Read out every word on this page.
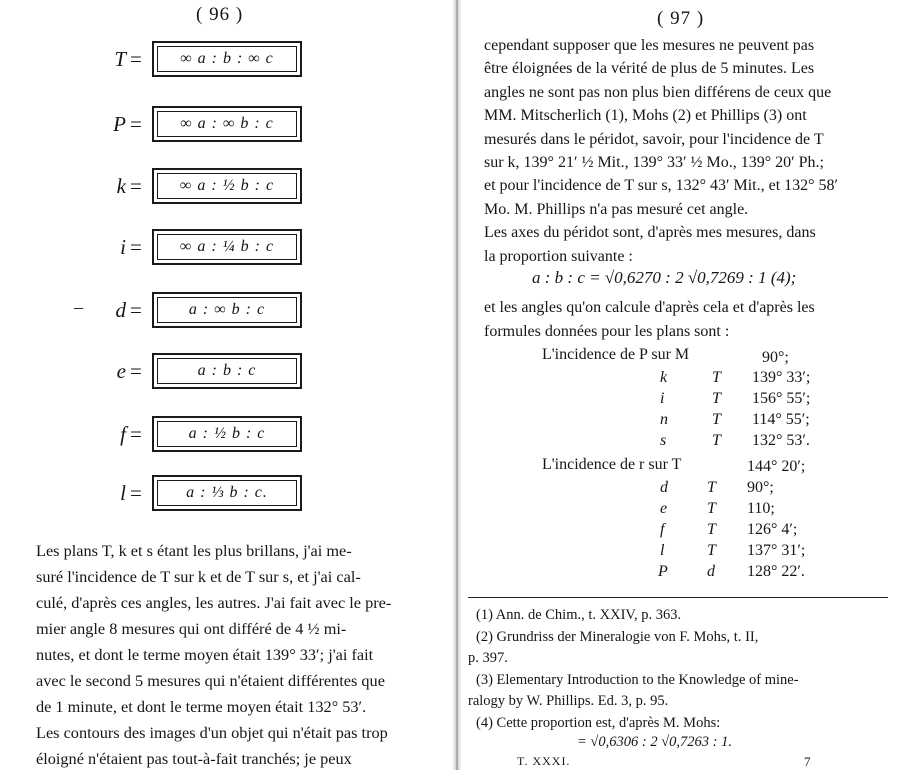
( 96 )
T =	∞ a : b : ∞ c
P =	∞ a : ∞ b : c
k =	∞ a : ½ b : c
i =	∞ a : ¼ b : c
–	d =	a : ∞ b : c
e =	a : b : c
f =	a : ½ b : c
l =	a : ⅓ b : c.
Les plans T, k et s étant les plus brillans, j'ai me-
suré l'incidence de T sur k et de T sur s, et j'ai cal-
culé, d'après ces angles, les autres. J'ai fait avec le pre-
mier angle 8 mesures qui ont différé de 4 ½ mi-
nutes, et dont le terme moyen était 139° 33′; j'ai fait
avec le second 5 mesures qui n'étaient différentes que
de 1 minute, et dont le terme moyen était 132° 53′.
Les contours des images d'un objet qui n'était pas trop
éloigné n'étaient pas tout-à-fait tranchés; je peux
( 97 )
cependant supposer que les mesures ne peuvent pas
être éloignées de la vérité de plus de 5 minutes. Les
angles ne sont pas non plus bien différens de ceux que
MM. Mitscherlich (1), Mohs (2) et Phillips (3) ont
mesurés dans le péridot, savoir, pour l'incidence de T
sur k, 139° 21′ ½ Mit., 139° 33′ ½ Mo., 139° 20′ Ph.;
et pour l'incidence de T sur s, 132° 43′ Mit., et 132° 58′
Mo. M. Phillips n'a pas mesuré cet angle.
Les axes du péridot sont, d'après mes mesures, dans
la proportion suivante :
a : b : c = √0,6270 : 2 √0,7269 : 1 (4);
et les angles qu'on calcule d'après cela et d'après les
formules données pour les plans sont :
L'incidence de P sur M	90°;
k	T 139° 33′;
i	T 156° 55′;
n	T 114° 55′;
s	T 132° 53′.
L'incidence de r sur T	144° 20′;
d T 90°;
e T 110;
f	T 126° 4′;
l	T 137° 31′;
P d 128° 22′.
(1) Ann. de Chim., t. XXIV, p. 363.
(2) Grundriss der Mineralogie von F. Mohs, t. II,
p. 397.
(3) Elementary Introduction to the Knowledge of mine-
ralogy by W. Phillips. Ed. 3, p. 95.
(4) Cette proportion est, d'après M. Mohs:
= √0,6306 : 2 √0,7263 : 1.
T. XXXI.	7
